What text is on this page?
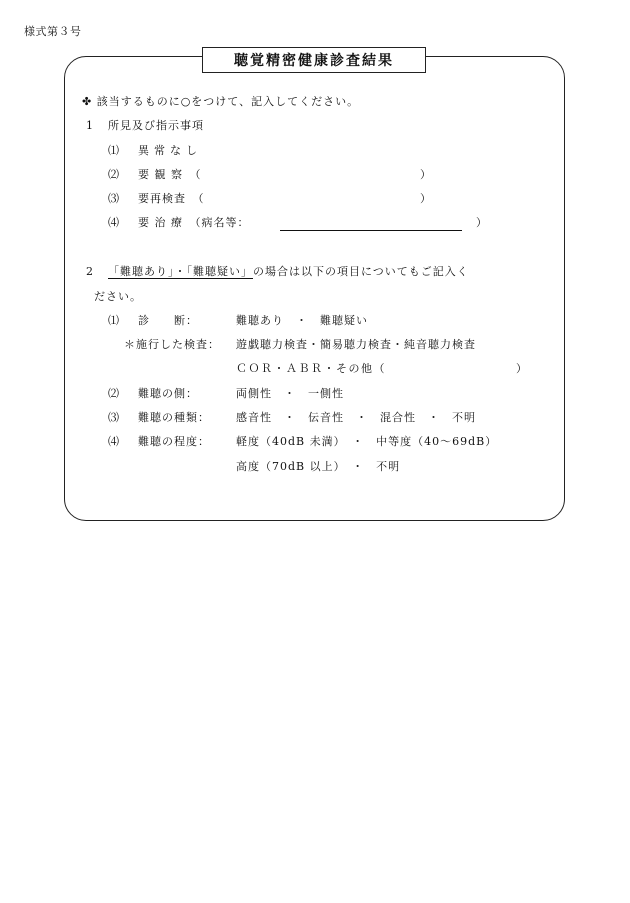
様式第３号
聴覚精密健康診査結果
✤ 該当するものに○をつけて、記入してください。
1 所見及び指示事項
⑴ 異常なし
⑵ 要 観 察　（	）
⑶ 要再検査　（	）
⑷ 要 治 療　（病名等：	）
2 「難聴あり」・「難聴疑い」の場合は以下の項目についてもご記入く
ださい。
⑴ 診　　断：	難聴あり　・　難聴疑い
＊施行した検査： 遊戯聴力検査・簡易聴力検査・純音聴力検査
ＣＯＲ・ＡＢＲ・その他（	）
⑵ 難聴の側：	両側性　・　一側性
⑶ 難聴の種類： 感音性　・　伝音性　・　混合性　・　不明
⑷ 難聴の程度： 軽度（40dB 未満）　・　中等度（40～69dB）
高度（70dB 以上）　・　不明
